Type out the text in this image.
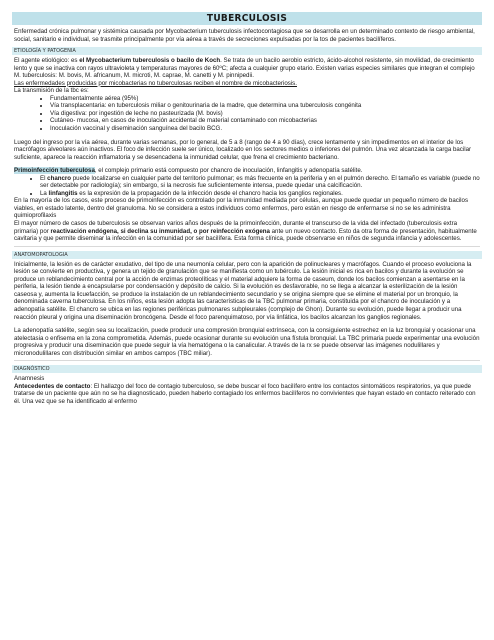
TUBERCULOSIS

Enfermedad crónica pulmonar y sistémica causada por Mycobacterium tuberculosis infectocontagiosa que se desarrolla en un determinado contexto de riesgo ambiental, social, sanitario e individual, se trasmite principalmente por vía aérea a través de secreciones expulsadas por la tos de pacientes bacilíferos.

ETIOLOGÍA Y PATOGENIA

El agente etiológico: es el Mycobacterium tuberculosis o bacilo de Koch. Se trata de un bacilo aerobio estricto, ácido-alcohol resistente, sin movilidad, de crecimiento lento y que se inactiva con rayos ultravioleta y temperaturas mayores de 60ºC; afecta a cualquier grupo etario. Existen varias especies similares que integran el complejo M. tuberculosis: M. bovis, M. africanum, M. microti, M. caprae, M. canetti y M. pinnipedii.

Las enfermedades producidas por micobacterias no tuberculosas reciben el nombre de micobacteriosis.

La transmisión de la tbc es:

• Fundamentalmente aérea (95%)
• Vía transplacentaria: en tuberculosis miliar o genitourinaria de la madre, que determina una tuberculosis congénita
• Vía digestiva: por ingestión de leche no pasteurizada (M. bovis)
• Cutáneo- mucosa, en casos de inoculación accidental de material contaminado con micobacterias
• Inoculación vaccinal y diseminación sanguínea del bacilo BCG.

Luego del ingreso por la vía aérea, durante varias semanas, por lo general, de 5 a 8 (rango de 4 a 90 días), crece lentamente y sin impedimentos en el interior de los macrófagos alveolares aún inactivos. El foco de infección suele ser único, localizado en los sectores medios o inferiores del pulmón. Una vez alcanzada la carga bacilar suficiente, aparece la reacción inflamatoria y se desencadena la inmunidad celular, que frena el crecimiento bacteriano.

Primoinfección tuberculosa, el complejo primario está compuesto por chancro de inoculación, linfangitis y adenopatía satélite.

• El chancro puede localizarse en cualquier parte del territorio pulmonar; es más frecuente en la periferia y en el pulmón derecho. El tamaño es variable (puede no ser detectable por radiología); sin embargo, si la necrosis fue suficientemente intensa, puede quedar una calcificación.
• La linfangitis es la expresión de la propagación de la infección desde el chancro hacia los ganglios regionales.

En la mayoría de los casos, este proceso de primoinfección es controlado por la inmunidad mediada por células, aunque puede quedar un pequeño número de bacilos viables, en estado latente, dentro del granuloma. No se considera a estos individuos como enfermos, pero están en riesgo de enfermarse si no se les administra quimioprofilaxis

El mayor número de casos de tuberculosis se observan varios años después de la primoinfección, durante el transcurso de la vida del infectado (tuberculosis extra primaria) por reactivación endógena, si declina su inmunidad, o por reinfección exógena ante un nuevo contacto. Esto da otra forma de presentación, habitualmente cavitaria y que permite diseminar la infección en la comunidad por ser bacilífera. Esta forma clínica, puede observarse en niños de segunda infancia y adolescentes.

ANATOMOPATOLOGIA

Inicialmente, la lesión es de carácter exudativo, del tipo de una neumonía celular, pero con la aparición de polinucleares y macrófagos. Cuando el proceso evoluciona la lesión se convierte en productiva, y genera un tejido de granulación que se manifiesta como un tubérculo. La lesión inicial es rica en bacilos y durante la evolución se produce un reblandecimiento central por la acción de enzimas proteolíticas y el material adquiere la forma de caseum, donde los bacilos comienzan a asentarse en la periferia, la lesión tiende a encapsularse por condensación y depósito de calcio. Si la evolución es desfavorable, no se llega a alcanzar la esterilización de la lesión caseosa y, aumenta la licuefacción, se produce la instalación de un reblandecimiento secundario y se origina siempre que se elimine el material por un bronquio, la denominada caverna tuberculosa. En los niños, esta lesión adopta las características de la TBC pulmonar primaria, constituida por el chancro de inoculación y a adenopatía satélite. El chancro se ubica en las regiones periféricas pulmonares subpleurales (complejo de Ghon). Durante su evolución, puede llegar a producir una reacción pleural y origina una diseminación broncógena. Desde el foco parenquimatoso, por vía linfática, los bacilos alcanzan los ganglios regionales.

La adenopatía satélite, según sea su localización, puede producir una compresión bronquial extrínseca, con la consiguiente estrechez en la luz bronquial y ocasionar una atelectasia o enfisema en la zona comprometida. Además, puede ocasionar durante su evolución una fístula bronquial. La TBC primaria puede experimentar una evolución progresiva y producir una diseminación que puede seguir la vía hematógena o la canalicular. A través de la rx se puede observar las imágenes nodulillares y micronodulillares con distribución similar en ambos campos (TBC miliar).

DIAGNÓSTICO

Anamnesis

Antecedentes de contacto: El hallazgo del foco de contagio tuberculoso, se debe buscar el foco bacilífero entre los contactos sintomáticos respiratorios, ya que puede tratarse de un paciente que aún no se ha diagnosticado, pueden haberlo contagiado los enfermos bacilíferos no convivientes que hayan estado en contacto reiterado con él. Una vez que se ha identificado al enfermo
